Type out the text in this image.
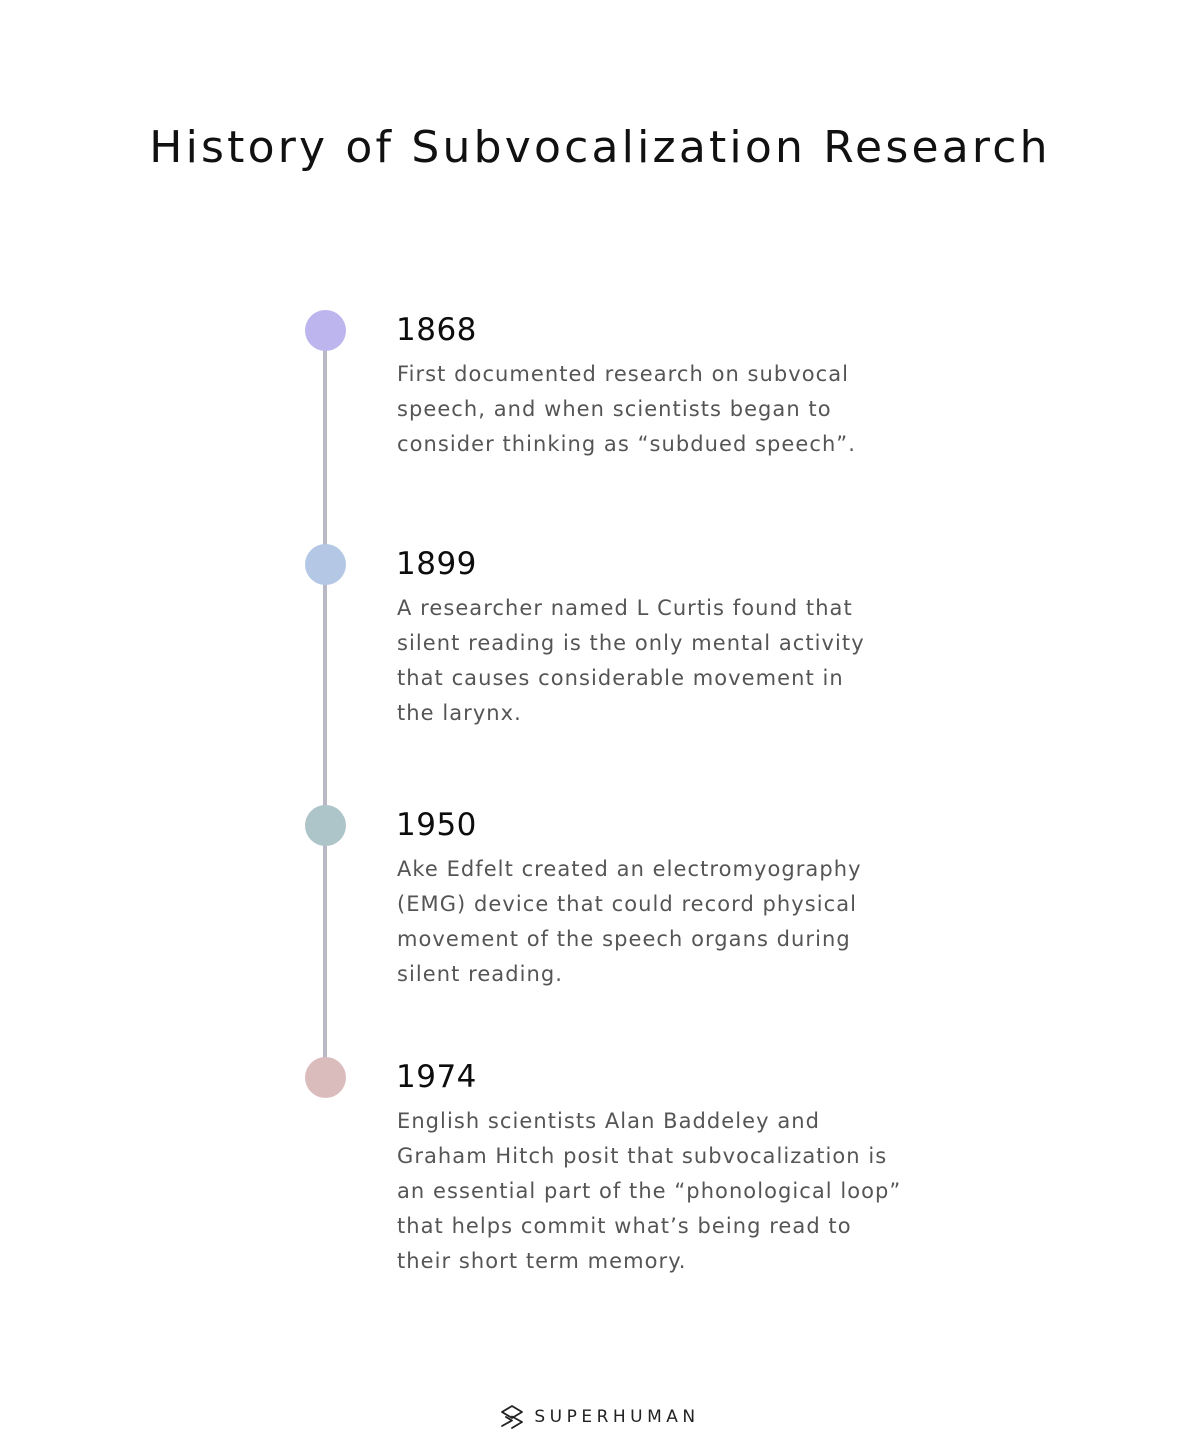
History of Subvocalization Research

1868

First documented research on subvocal
speech, and when scientists began to
consider thinking as “subdued speech”.

1899

A researcher named L Curtis found that
silent reading is the only mental activity
that causes considerable movement in
the larynx.

1950

Ake Edfelt created an electromyography
(EMG) device that could record physical
movement of the speech organs during
silent reading.

1974

English scientists Alan Baddeley and
Graham Hitch posit that subvocalization is
an essential part of the “phonological loop”
that helps commit what’s being read to
their short term memory.

SUPERHUMAN
